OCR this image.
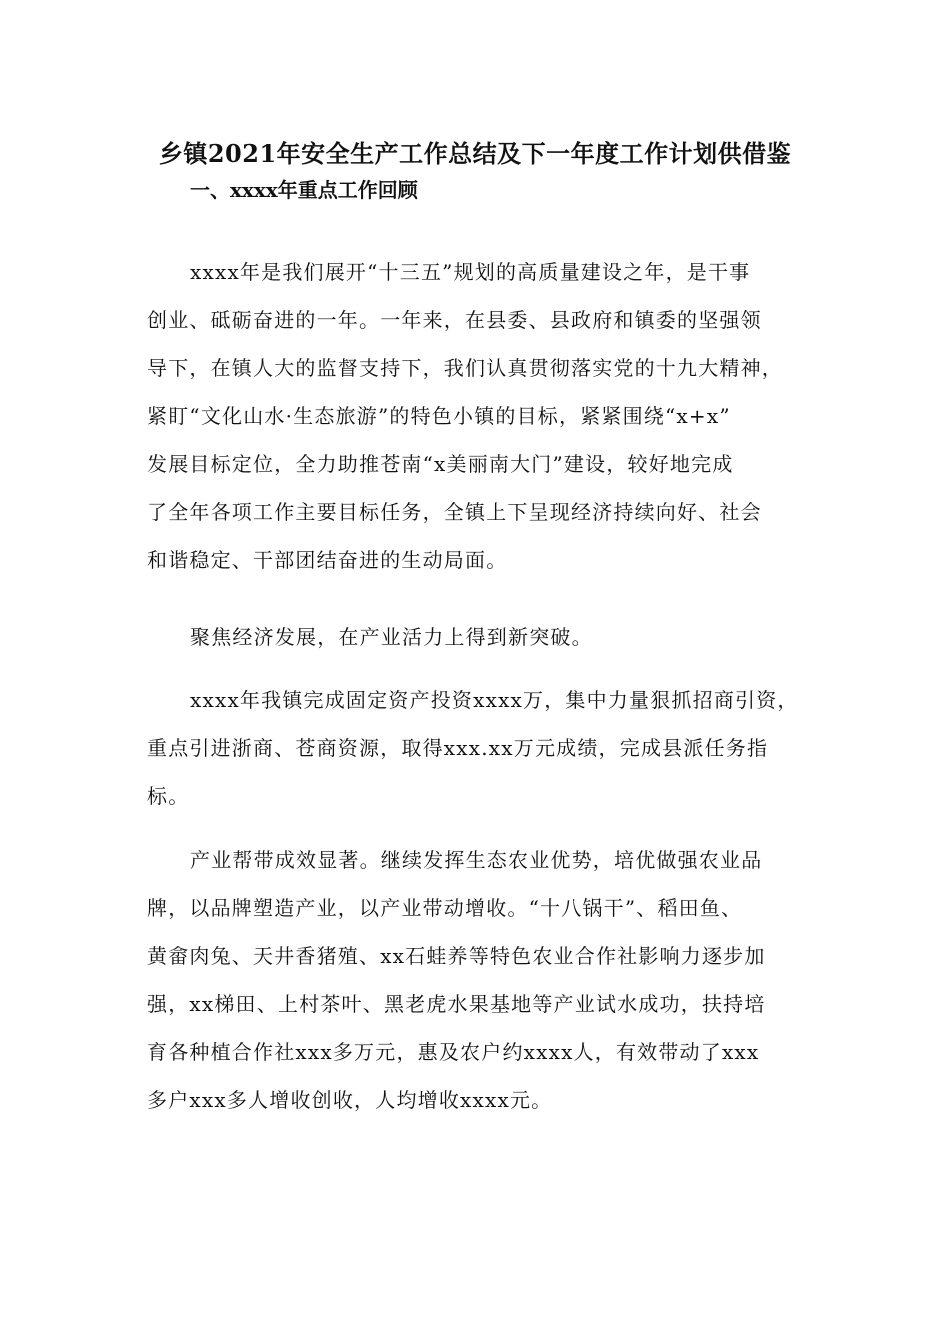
乡镇2021年安全生产工作总结及下一年度工作计划供借鉴
一、xxxx年重点工作回顾
xxxx年是我们展开“十三五”规划的高质量建设之年，是干事
创业、砥砺奋进的一年。一年来，在县委、县政府和镇委的坚强领
导下，在镇人大的监督支持下，我们认真贯彻落实党的十九大精神，
紧盯“文化山水·生态旅游”的特色小镇的目标，紧紧围绕“x+x”
发展目标定位，全力助推苍南“x美丽南大门”建设，较好地完成
了全年各项工作主要目标任务，全镇上下呈现经济持续向好、社会
和谐稳定、干部团结奋进的生动局面。
聚焦经济发展，在产业活力上得到新突破。
xxxx年我镇完成固定资产投资xxxx万，集中力量狠抓招商引资，
重点引进浙商、苍商资源，取得xxx.xx万元成绩，完成县派任务指
标。
产业帮带成效显著。继续发挥生态农业优势，培优做强农业品
牌，以品牌塑造产业，以产业带动增收。“十八锅干”、稻田鱼、
黄畲肉兔、天井香猪殖、xx石蛙养等特色农业合作社影响力逐步加
强，xx梯田、上村茶叶、黑老虎水果基地等产业试水成功，扶持培
育各种植合作社xxx多万元，惠及农户约xxxx人，有效带动了xxx
多户xxx多人增收创收，人均增收xxxx元。
